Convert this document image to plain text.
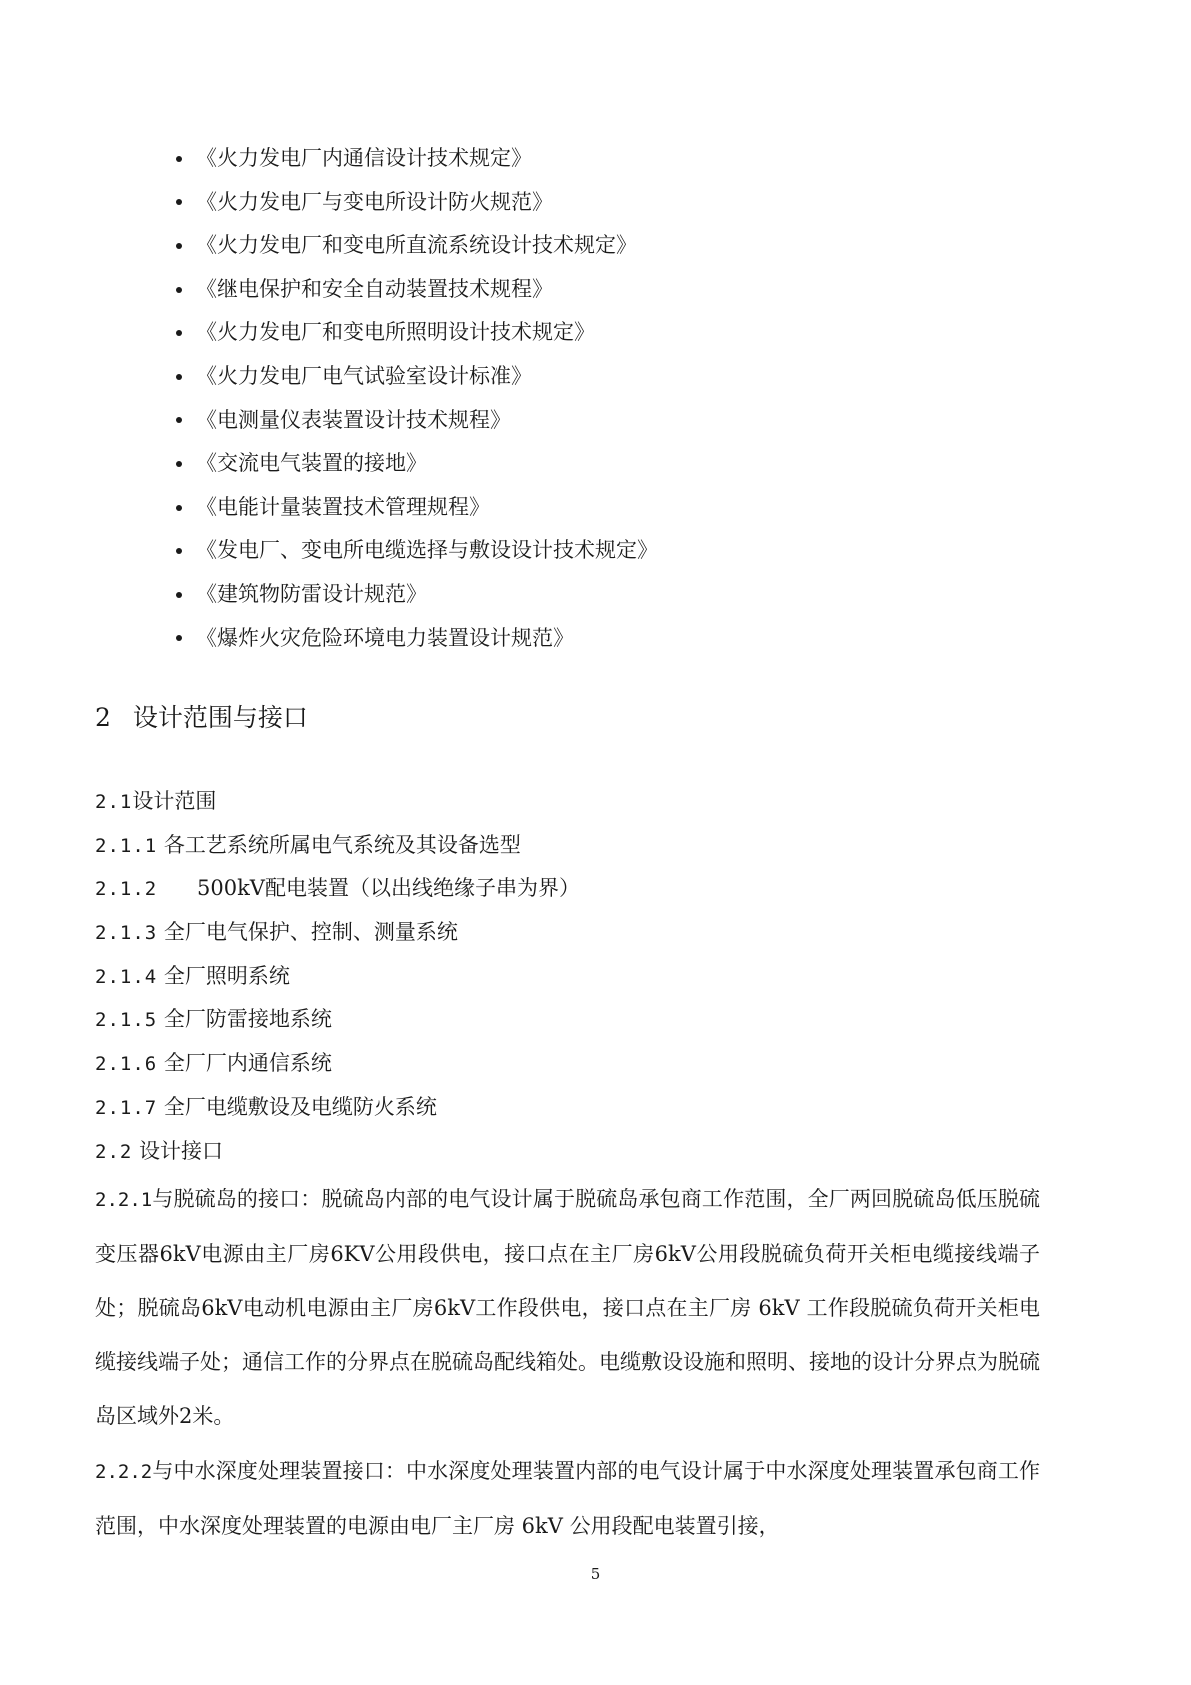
《火力发电厂内通信设计技术规定》
《火力发电厂与变电所设计防火规范》
《火力发电厂和变电所直流系统设计技术规定》
《继电保护和安全自动装置技术规程》
《火力发电厂和变电所照明设计技术规定》
《火力发电厂电气试验室设计标准》
《电测量仪表装置设计技术规程》
《交流电气装置的接地》
《电能计量装置技术管理规程》
《发电厂、变电所电缆选择与敷设设计技术规定》
《建筑物防雷设计规范》
《爆炸火灾危险环境电力装置设计规范》
2 设计范围与接口
2.1设计范围
2.1.1 各工艺系统所属电气系统及其设备选型
2.1.2 500kV配电装置（以出线绝缘子串为界）
2.1.3 全厂电气保护、控制、测量系统
2.1.4 全厂照明系统
2.1.5 全厂防雷接地系统
2.1.6 全厂厂内通信系统
2.1.7 全厂电缆敷设及电缆防火系统
2.2 设计接口

2.2.1与脱硫岛的接口：脱硫岛内部的电气设计属于脱硫岛承包商工作范围，全厂两回脱硫岛低压脱硫变压器6kV电源由主厂房6KV公用段供电，接口点在主厂房6kV公用段脱硫负荷开关柜电缆接线端子处；脱硫岛6kV电动机电源由主厂房6kV工作段供电，接口点在主厂房 6kV 工作段脱硫负荷开关柜电缆接线端子处；通信工作的分界点在脱硫岛配线箱处。电缆敷设设施和照明、接地的设计分界点为脱硫岛区域外2米。

2.2.2与中水深度处理装置接口：中水深度处理装置内部的电气设计属于中水深度处理装置承包商工作范围，中水深度处理装置的电源由电厂主厂房 6kV 公用段配电装置引接，

5
